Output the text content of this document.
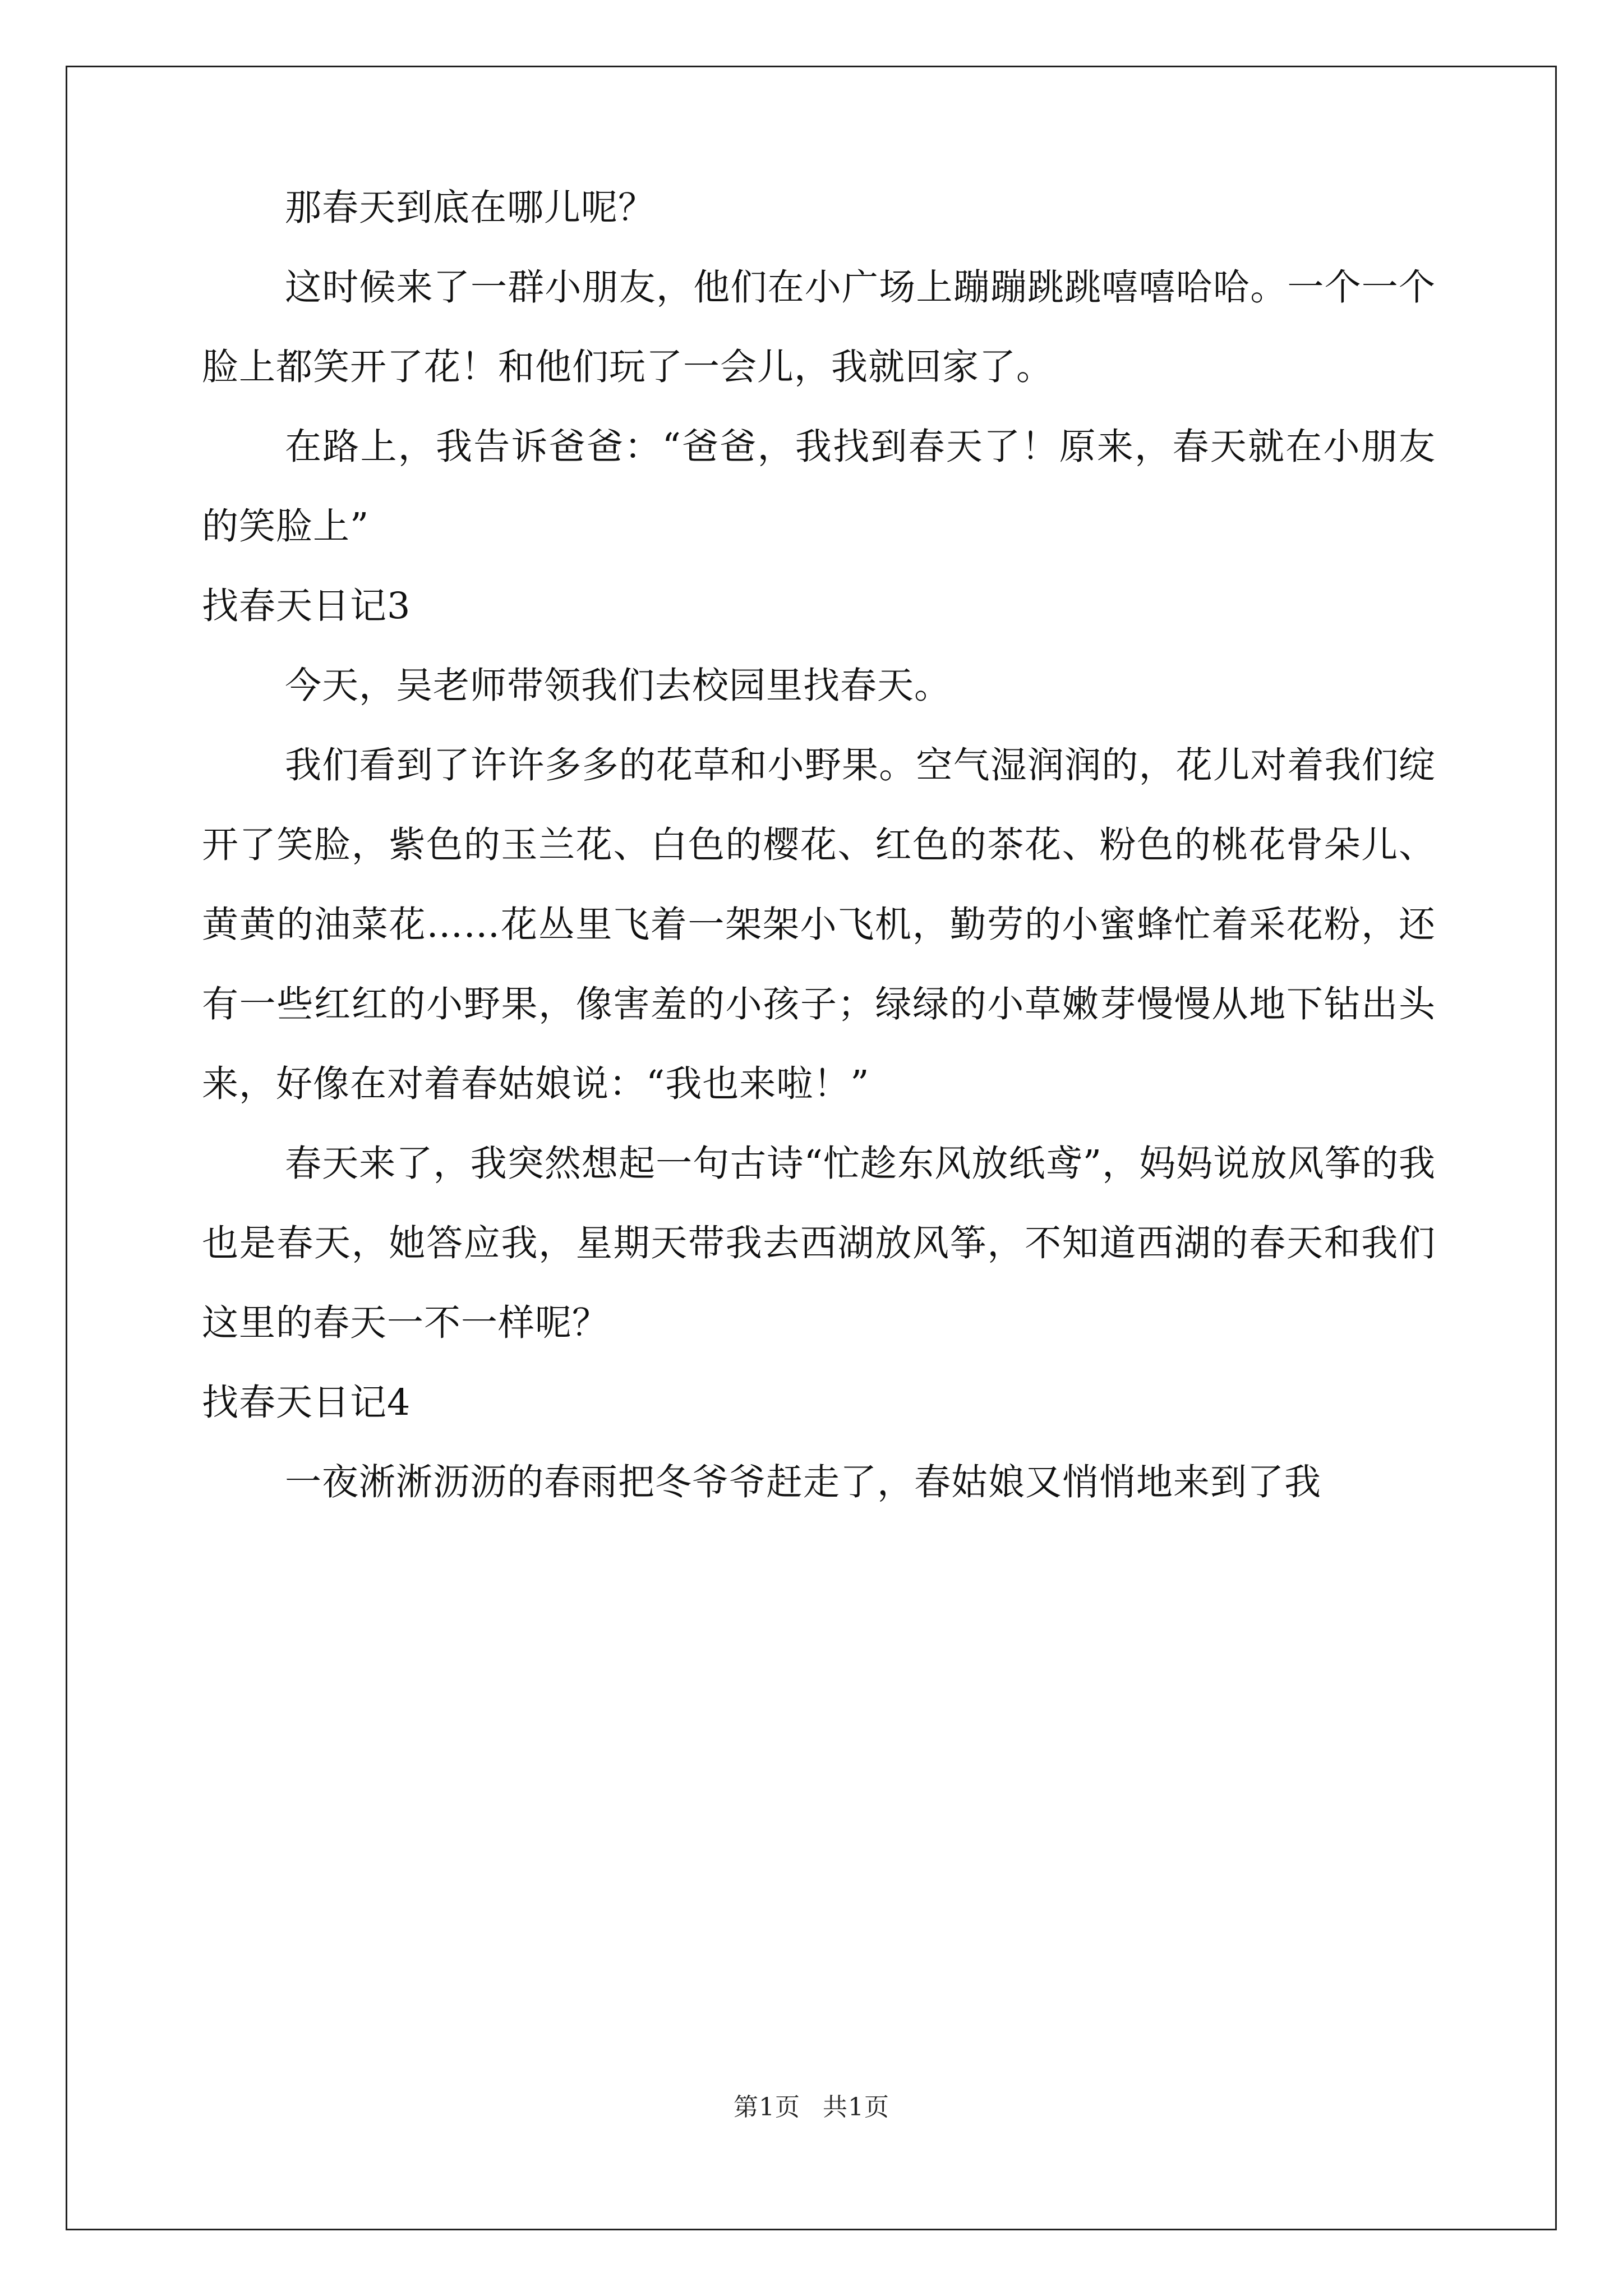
那春天到底在哪儿呢？

这时候来了一群小朋友，他们在小广场上蹦蹦跳跳嘻嘻哈哈。一个一个脸上都笑开了花！和他们玩了一会儿，我就回家了。

在路上，我告诉爸爸：“爸爸，我找到春天了！原来，春天就在小朋友的笑脸上”

找春天日记3

今天，吴老师带领我们去校园里找春天。

我们看到了许许多多的花草和小野果。空气湿润润的，花儿对着我们绽开了笑脸，紫色的玉兰花、白色的樱花、红色的茶花、粉色的桃花骨朵儿、黄黄的油菜花……花丛里飞着一架架小飞机，勤劳的小蜜蜂忙着采花粉，还有一些红红的小野果，像害羞的小孩子；绿绿的小草嫩芽慢慢从地下钻出头来，好像在对着春姑娘说：“我也来啦！”

春天来了，我突然想起一句古诗“忙趁东风放纸鸢”，妈妈说放风筝的我也是春天，她答应我，星期天带我去西湖放风筝，不知道西湖的春天和我们这里的春天一不一样呢？

找春天日记4

一夜淅淅沥沥的春雨把冬爷爷赶走了，春姑娘又悄悄地来到了我

第1页 共1页
